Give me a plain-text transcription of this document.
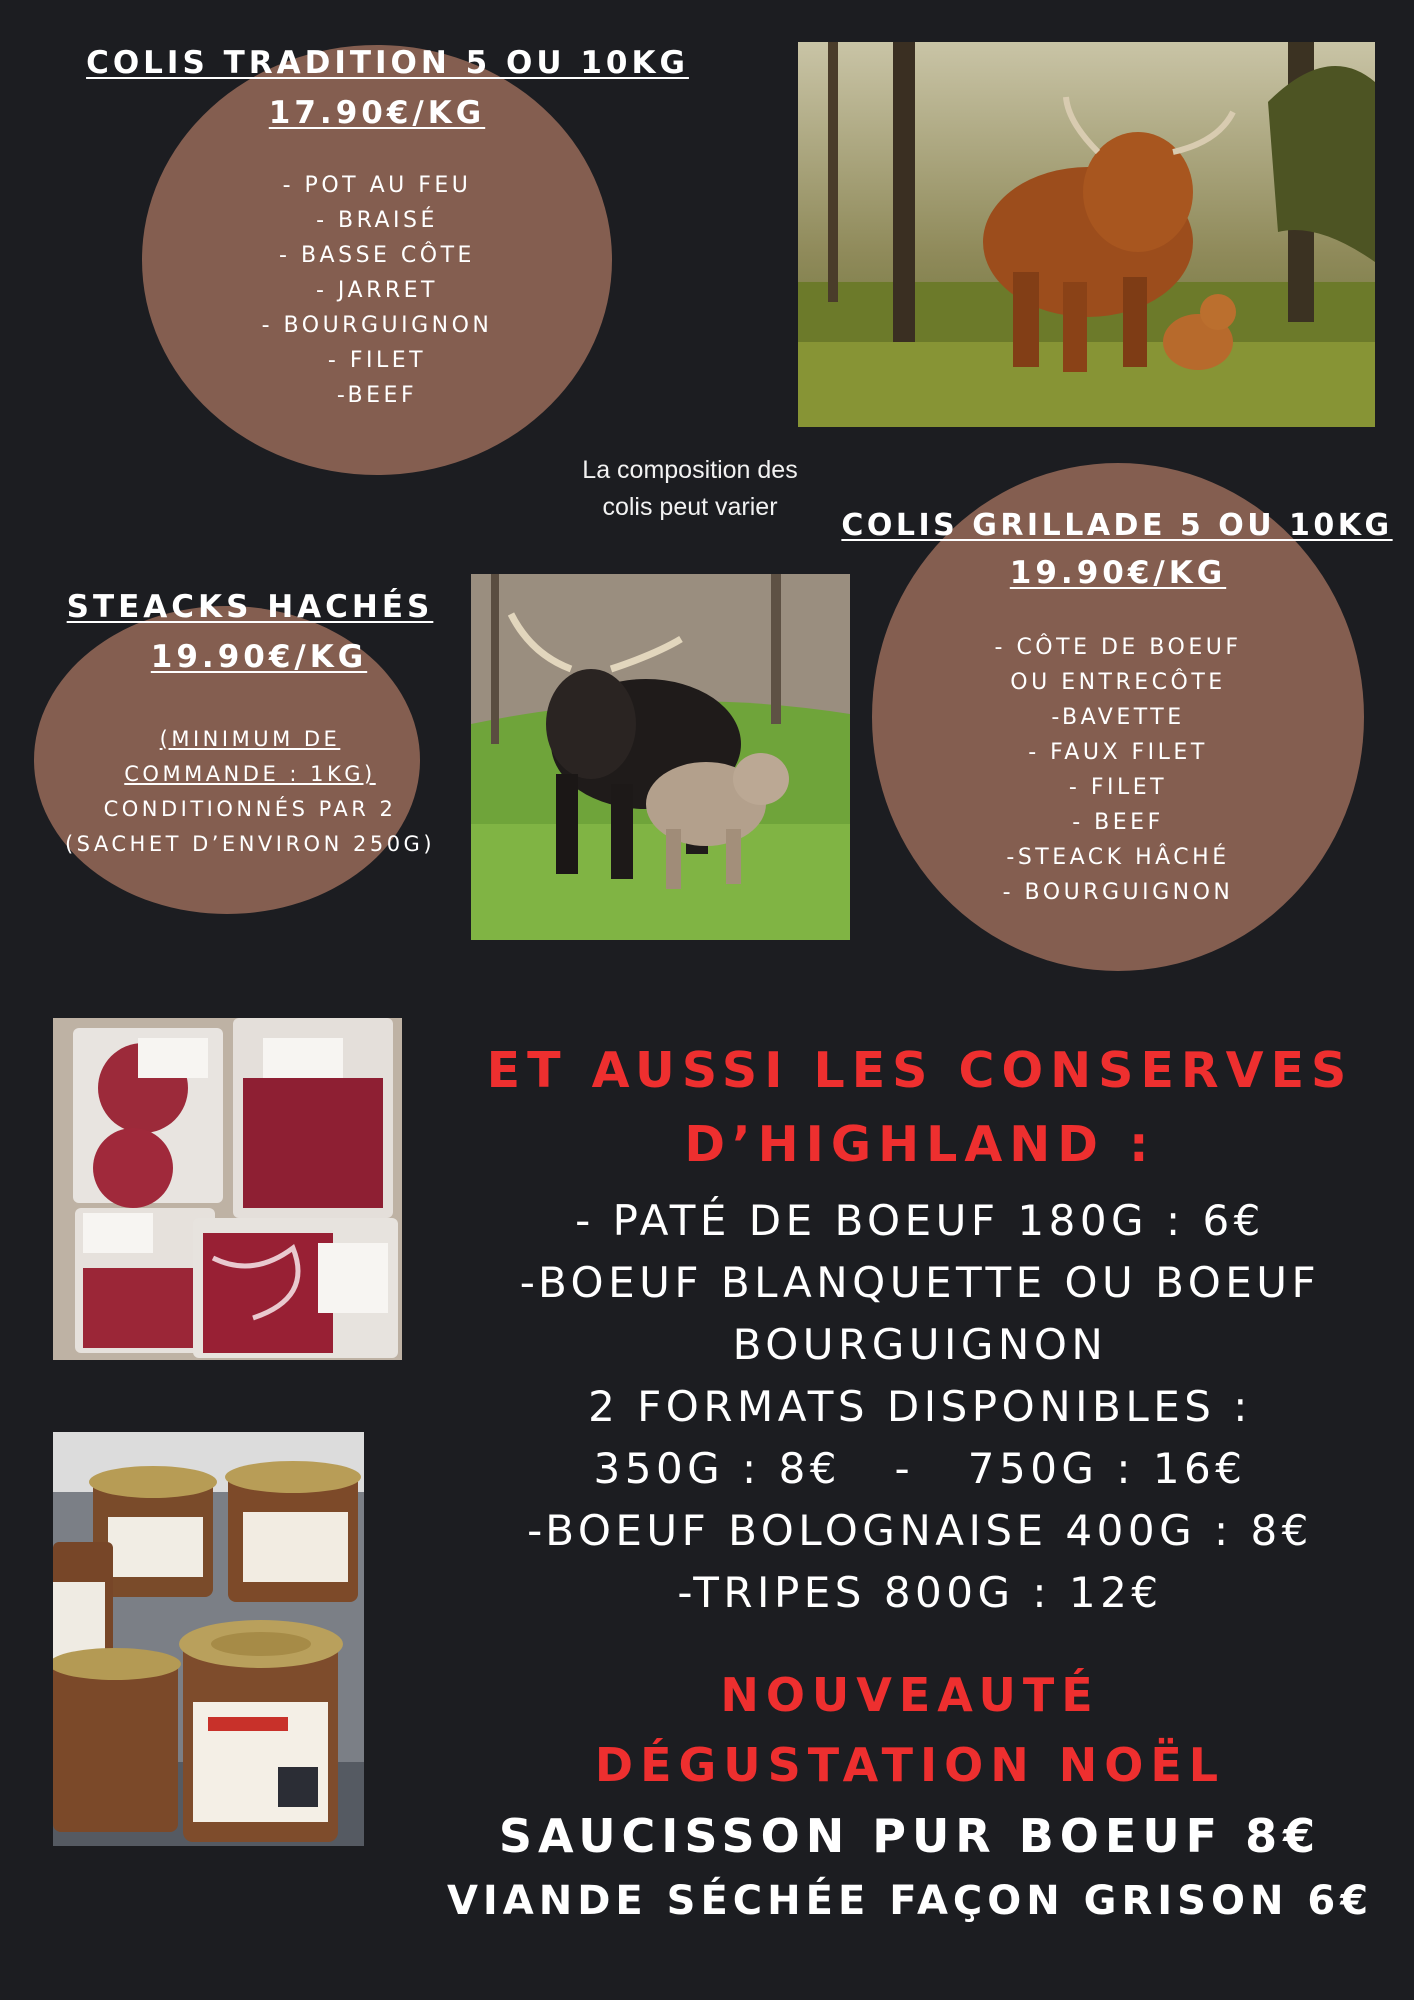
COLIS TRADITION 5 OU 10KG
17.90€/KG
- POT AU FEU
- BRAISÉ
- BASSE CÔTE
- JARRET
- BOURGUIGNON
- FILET
-BEEF
La composition des
colis peut varier
COLIS GRILLADE 5 OU 10KG
19.90€/KG
- CÔTE DE BOEUF
OU ENTRECÔTE
-BAVETTE
- FAUX FILET
- FILET
- BEEF
-STEACK HÂCHÉ
- BOURGUIGNON
STEACKS HACHÉS
19.90€/KG
(MINIMUM DE
COMMANDE : 1KG)
CONDITIONNÉS PAR 2
(SACHET D’ENVIRON 250G)
ET AUSSI LES CONSERVES
D’HIGHLAND :
- PATÉ DE BOEUF 180G : 6€
-BOEUF BLANQUETTE OU BOEUF
BOURGUIGNON
2 FORMATS DISPONIBLES :
350G : 8€   -   750G : 16€
-BOEUF BOLOGNAISE 400G : 8€
-TRIPES 800G : 12€
NOUVEAUTÉ
DÉGUSTATION NOËL
SAUCISSON PUR BOEUF 8€
VIANDE SÉCHÉE FAÇON GRISON 6€
